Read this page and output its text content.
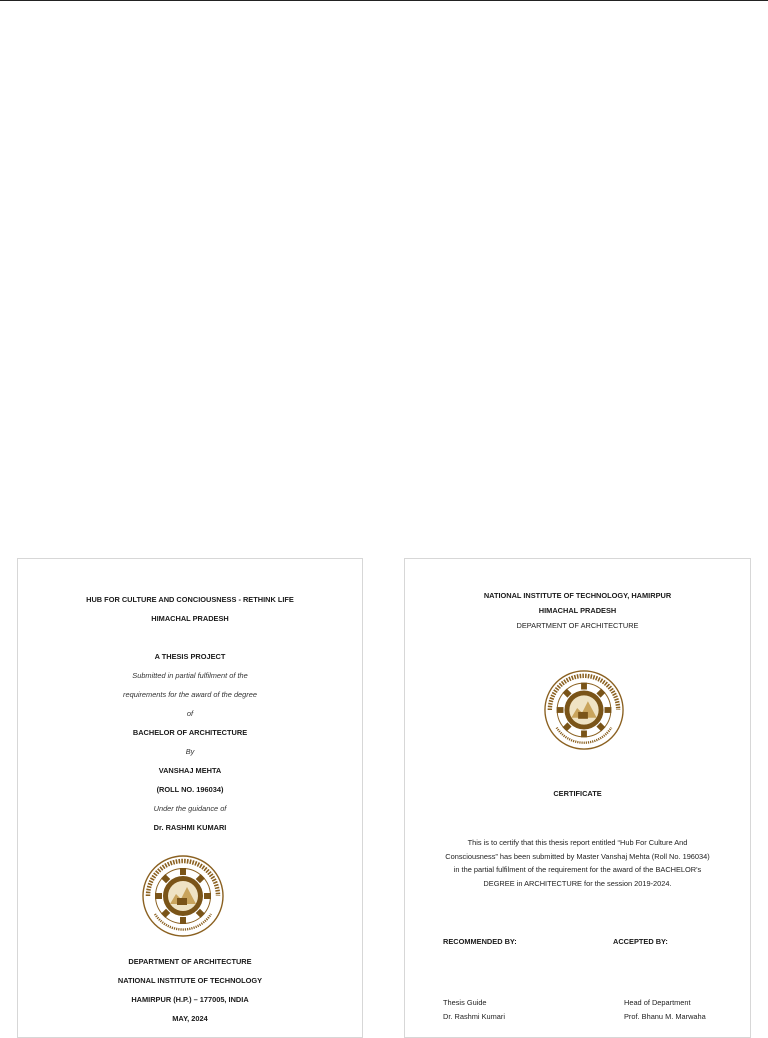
HUB FOR CULTURE AND CONCIOUSNESS - RETHINK LIFE
HIMACHAL PRADESH
A THESIS PROJECT
Submitted in partial fulfilment of the
requirements for the award of the degree
of
BACHELOR OF ARCHITECTURE
By
VANSHAJ MEHTA
(ROLL NO. 196034)
Under the guidance of
Dr. RASHMI KUMARI
DEPARTMENT OF ARCHITECTURE
NATIONAL INSTITUTE OF TECHNOLOGY
HAMIRPUR (H.P.) – 177005, INDIA
MAY, 2024
NATIONAL INSTITUTE OF TECHNOLOGY, HAMIRPUR
HIMACHAL PRADESH
DEPARTMENT OF ARCHITECTURE
CERTIFICATE
This is to certify that this thesis report entitled “Hub For Culture And
Consciousness” has been submitted by Master Vanshaj Mehta (Roll No. 196034)
in the partial fulfilment of the requirement for the award of the BACHELOR's
DEGREE in ARCHITECTURE for the session 2019-2024.
RECOMMENDED BY:	ACCEPTED BY:
Thesis Guide
Dr. Rashmi Kumari
Head of Department
Prof. Bhanu M. Marwaha
